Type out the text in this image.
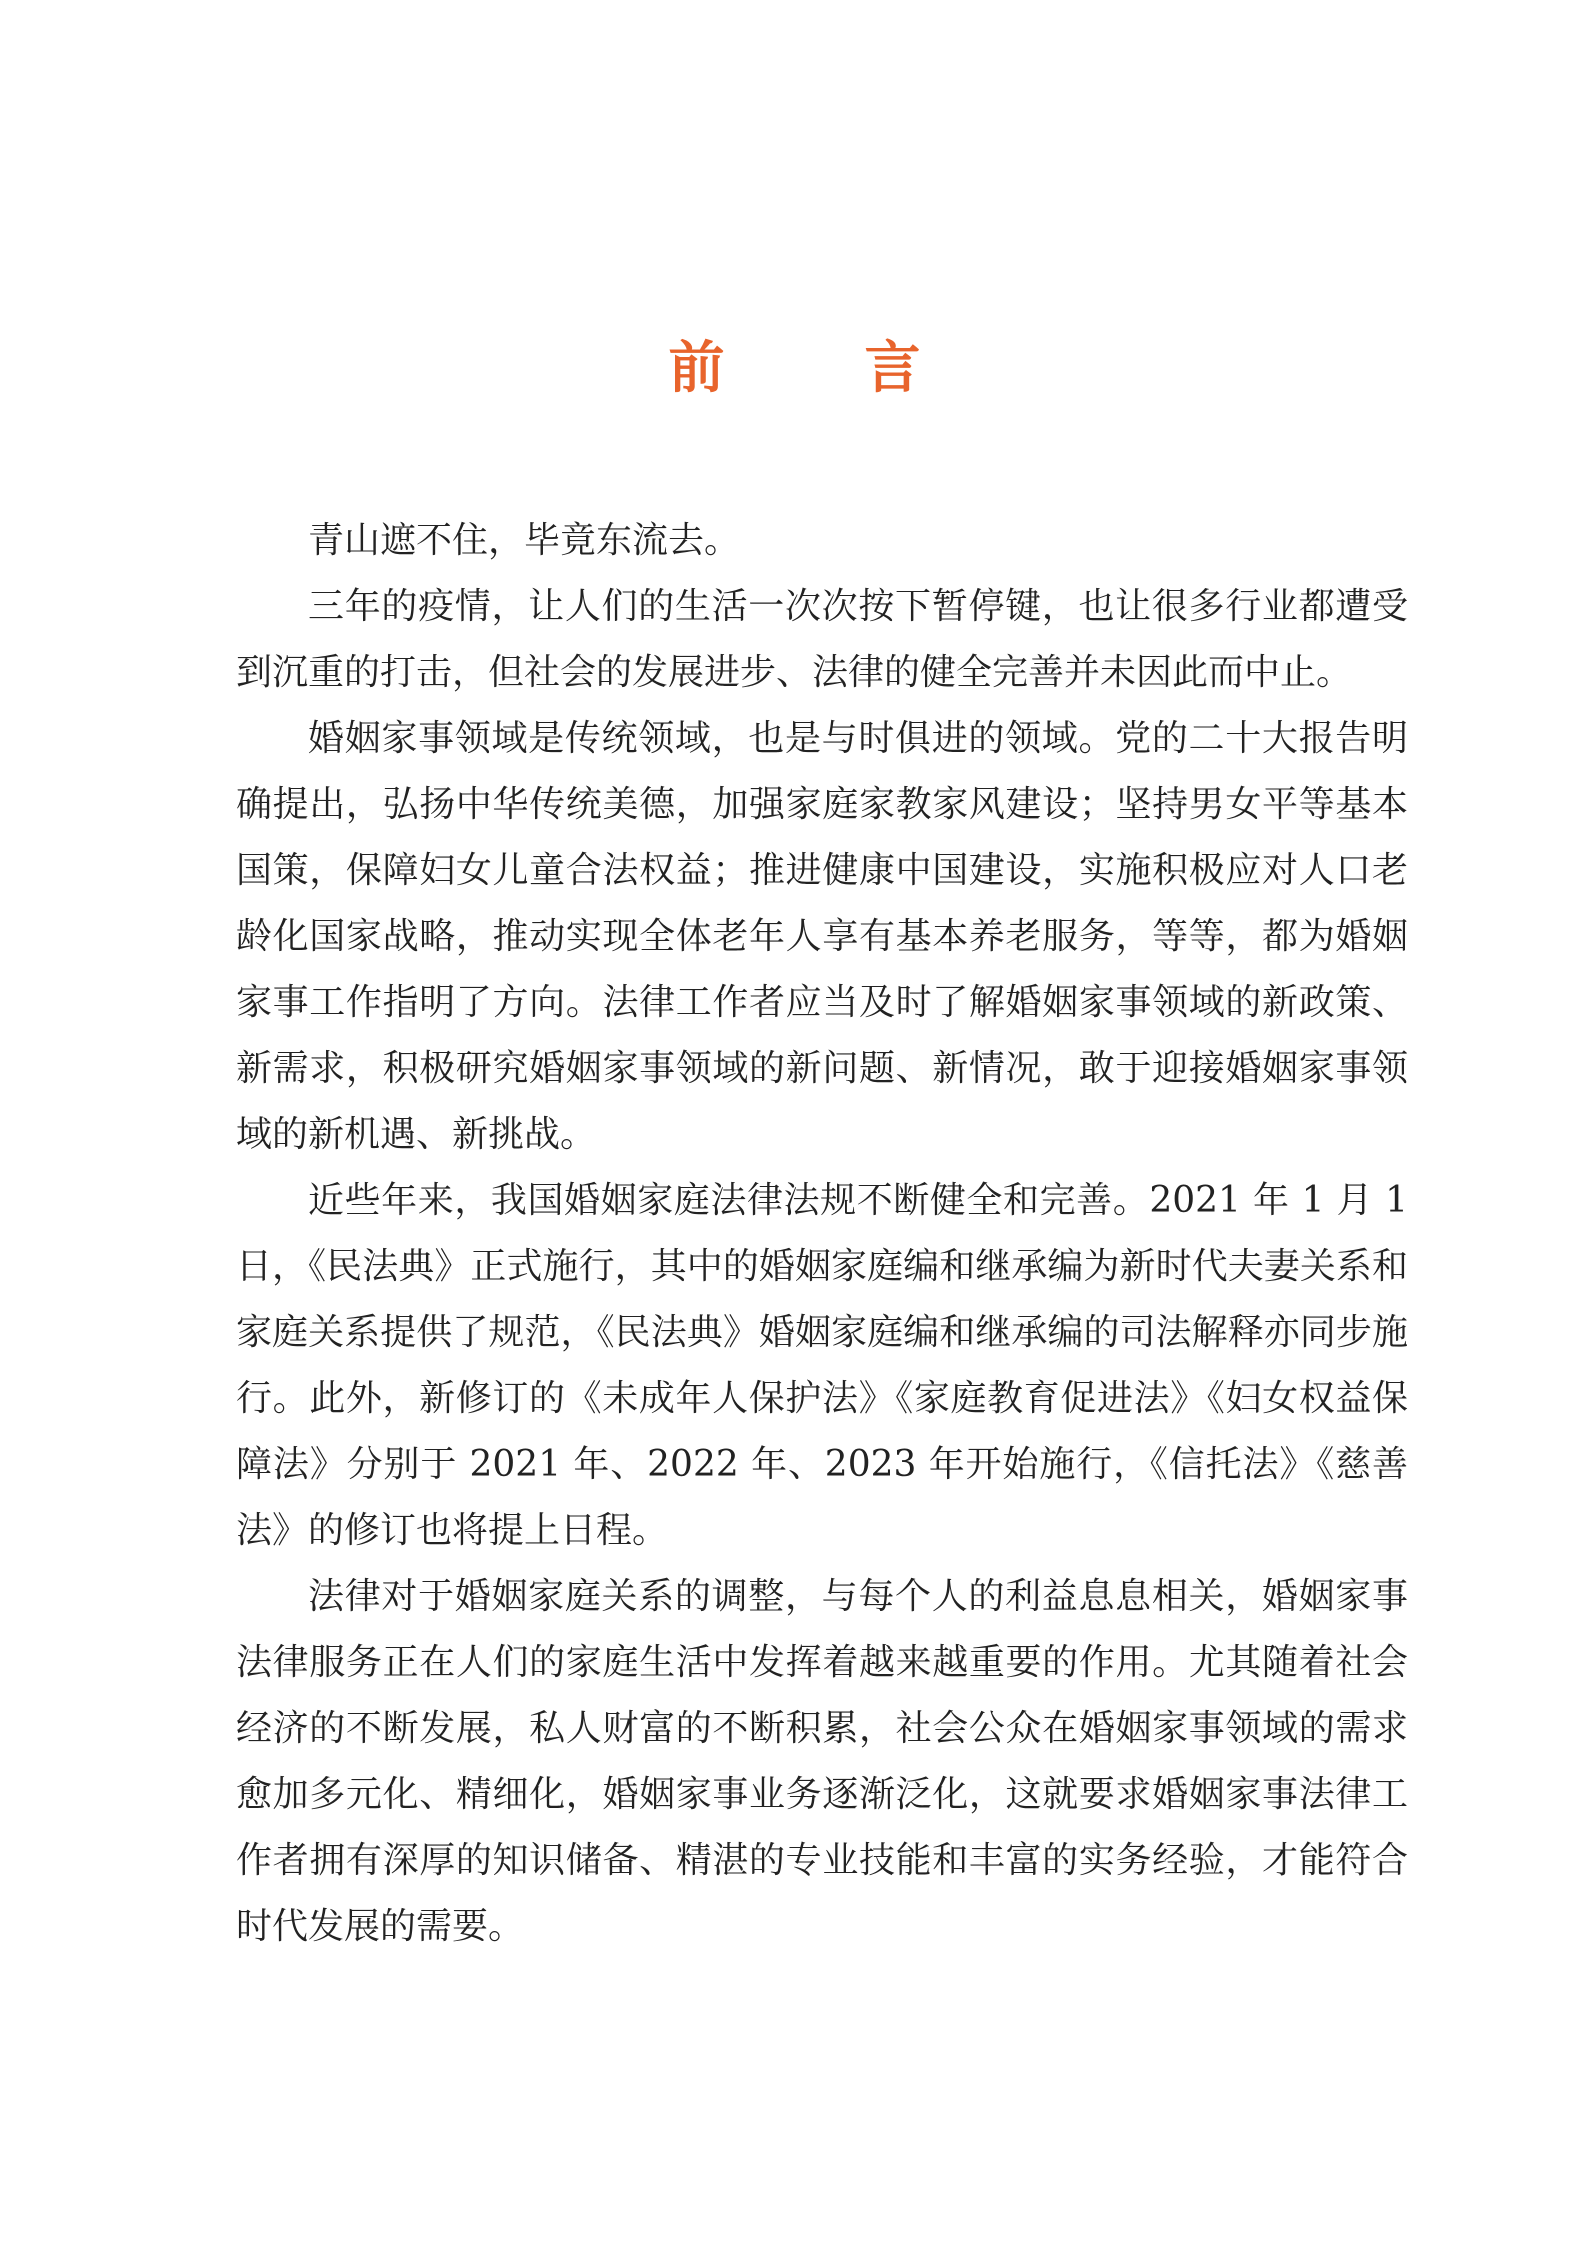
前　言

青山遮不住，毕竟东流去。

三年的疫情，让人们的生活一次次按下暂停键，也让很多行业都遭受到沉重的打击，但社会的发展进步、法律的健全完善并未因此而中止。

婚姻家事领域是传统领域，也是与时俱进的领域。党的二十大报告明确提出，弘扬中华传统美德，加强家庭家教家风建设；坚持男女平等基本国策，保障妇女儿童合法权益；推进健康中国建设，实施积极应对人口老龄化国家战略，推动实现全体老年人享有基本养老服务，等等，都为婚姻家事工作指明了方向。法律工作者应当及时了解婚姻家事领域的新政策、新需求，积极研究婚姻家事领域的新问题、新情况，敢于迎接婚姻家事领域的新机遇、新挑战。

近些年来，我国婚姻家庭法律法规不断健全和完善。2021 年 1 月 1 日，《民法典》正式施行，其中的婚姻家庭编和继承编为新时代夫妻关系和家庭关系提供了规范，《民法典》婚姻家庭编和继承编的司法解释亦同步施行。此外，新修订的《未成年人保护法》《家庭教育促进法》《妇女权益保障法》分别于 2021 年、2022 年、2023 年开始施行，《信托法》《慈善法》的修订也将提上日程。

法律对于婚姻家庭关系的调整，与每个人的利益息息相关，婚姻家事法律服务正在人们的家庭生活中发挥着越来越重要的作用。尤其随着社会经济的不断发展，私人财富的不断积累，社会公众在婚姻家事领域的需求愈加多元化、精细化，婚姻家事业务逐渐泛化，这就要求婚姻家事法律工作者拥有深厚的知识储备、精湛的专业技能和丰富的实务经验，才能符合时代发展的需要。
